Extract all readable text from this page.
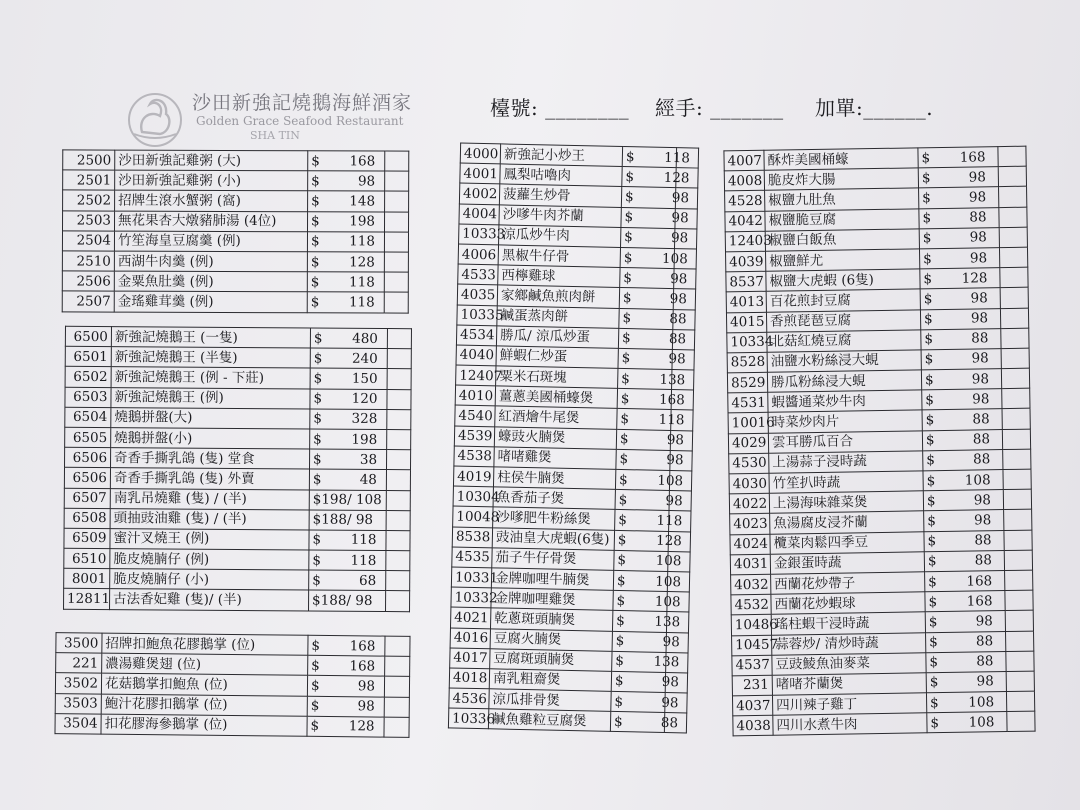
沙田新強記燒鵝海鮮酒家
Golden Grace Seafood Restaurant
SHA TIN
檯號: ________ 經手: _______ 加單:______.
2500	沙田新強記雞粥 (大)	$ 168	
2501	沙田新強記雞粥 (小)	$ 98	
2502	招牌生滾水蟹粥 (窩)	$ 148	
2503	無花果杏大燉豬肺湯 (4位)	$ 198	
2504	竹笙海皇豆腐羹 (例)	$ 118	
2510	西湖牛肉羹 (例)	$ 128	
2506	金粟魚肚羹 (例)	$ 118	
2507	金瑤雞茸羹 (例)	$ 118	
6500	新強記燒鵝王 (一隻)	$ 480	
6501	新強記燒鵝王 (半隻)	$ 240	
6502	新強記燒鵝王 (例 - 下莊)	$ 150	
6503	新強記燒鵝王 (例)	$ 120	
6504	燒鵝拼盤(大)	$ 328	
6505	燒鵝拼盤(小)	$ 198	
6506	奇香手撕乳鴿 (隻) 堂食	$ 38	
6506	奇香手撕乳鴿 (隻) 外賣	$ 48	
6507	南乳吊燒雞 (隻) / (半)	$198/ 108	
6508	頭抽豉油雞 (隻) / (半)	$188/ 98	
6509	蜜汁叉燒王 (例)	$ 118	
6510	脆皮燒腩仔 (例)	$ 118	
8001	脆皮燒腩仔 (小)	$ 68	
12811	古法香妃雞 (隻)/ (半)	$188/ 98	
3500	招牌扣鮑魚花膠鵝掌 (位)	$ 168	
221	濃湯雞煲翅 (位)	$ 168	
3502	花菇鵝掌扣鮑魚 (位)	$ 98	
3503	鮑汁花膠扣鵝掌 (位)	$ 98	
3504	扣花膠海參鵝掌 (位)	$ 128	
4000	新強記小炒王	$ 118	
4001	鳳梨咕嚕肉	$ 128	
4002	菠蘿生炒骨	$ 98	
4004	沙嗲牛肉芥蘭	$ 98	
10333	涼瓜炒牛肉	$ 98	
4006	黑椒牛仔骨	$ 108	
4533	西檸雞球	$ 98	
4035	家鄉鹹魚煎肉餅	$ 98	
10335	鹹蛋蒸肉餅	$ 88	
4534	勝瓜/ 涼瓜炒蛋	$ 88	
4040	鮮蝦仁炒蛋	$ 98	
12407	粟米石斑塊	$ 138	
4010	薑蔥美國桶蠔煲	$ 168	
4540	紅酒燴牛尾煲	$ 118	
4539	蠔豉火腩煲	$ 98	
4538	啫啫雞煲	$ 98	
4019	柱侯牛腩煲	$ 108	
10304	魚香茄子煲	$ 98	
10048	沙嗲肥牛粉絲煲	$ 118	
8538	豉油皇大虎蝦(6隻)	$ 128	
4535	茄子牛仔骨煲	$ 108	
10331	金牌咖哩牛腩煲	$ 108	
10332	金牌咖哩雞煲	$ 108	
4021	乾蔥斑頭腩煲	$ 138	
4016	豆腐火腩煲	$ 98	
4017	豆腐斑頭腩煲	$ 138	
4018	南乳粗齋煲	$ 98	
4536	涼瓜排骨煲	$ 98	
10336	鹹魚雞粒豆腐煲	$ 88	
4007	酥炸美國桶蠔	$ 168	
4008	脆皮炸大腸	$ 98	
4528	椒鹽九肚魚	$ 98	
4042	椒鹽脆豆腐	$ 88	
12403	椒鹽白飯魚	$ 98	
4039	椒鹽鮮尤	$ 98	
8537	椒鹽大虎蝦 (6隻)	$ 128	
4013	百花煎封豆腐	$ 98	
4015	香煎琵琶豆腐	$ 98	
10334	北菇紅燒豆腐	$ 88	
8528	油鹽水粉絲浸大蜆	$ 98	
8529	勝瓜粉絲浸大蜆	$ 98	
4531	蝦醬通菜炒牛肉	$ 98	
10016	時菜炒肉片	$ 88	
4029	雲耳勝瓜百合	$ 88	
4530	上湯蒜子浸時蔬	$ 88	
4030	竹笙扒時蔬	$ 108	
4022	上湯海味雜菜煲	$ 98	
4023	魚湯腐皮浸芥蘭	$ 98	
4024	欖菜肉鬆四季豆	$ 88	
4031	金銀蛋時蔬	$ 88	
4032	西蘭花炒帶子	$ 168	
4532	西蘭花炒蝦球	$ 168	
10486	瑤柱蝦干浸時蔬	$ 98	
10457	蒜蓉炒/ 清炒時蔬	$ 88	
4537	豆豉鯪魚油麥菜	$ 88	
231	啫啫芥蘭煲	$ 98	
4037	四川辣子雞丁	$ 108	
4038	四川水煮牛肉	$ 108	
